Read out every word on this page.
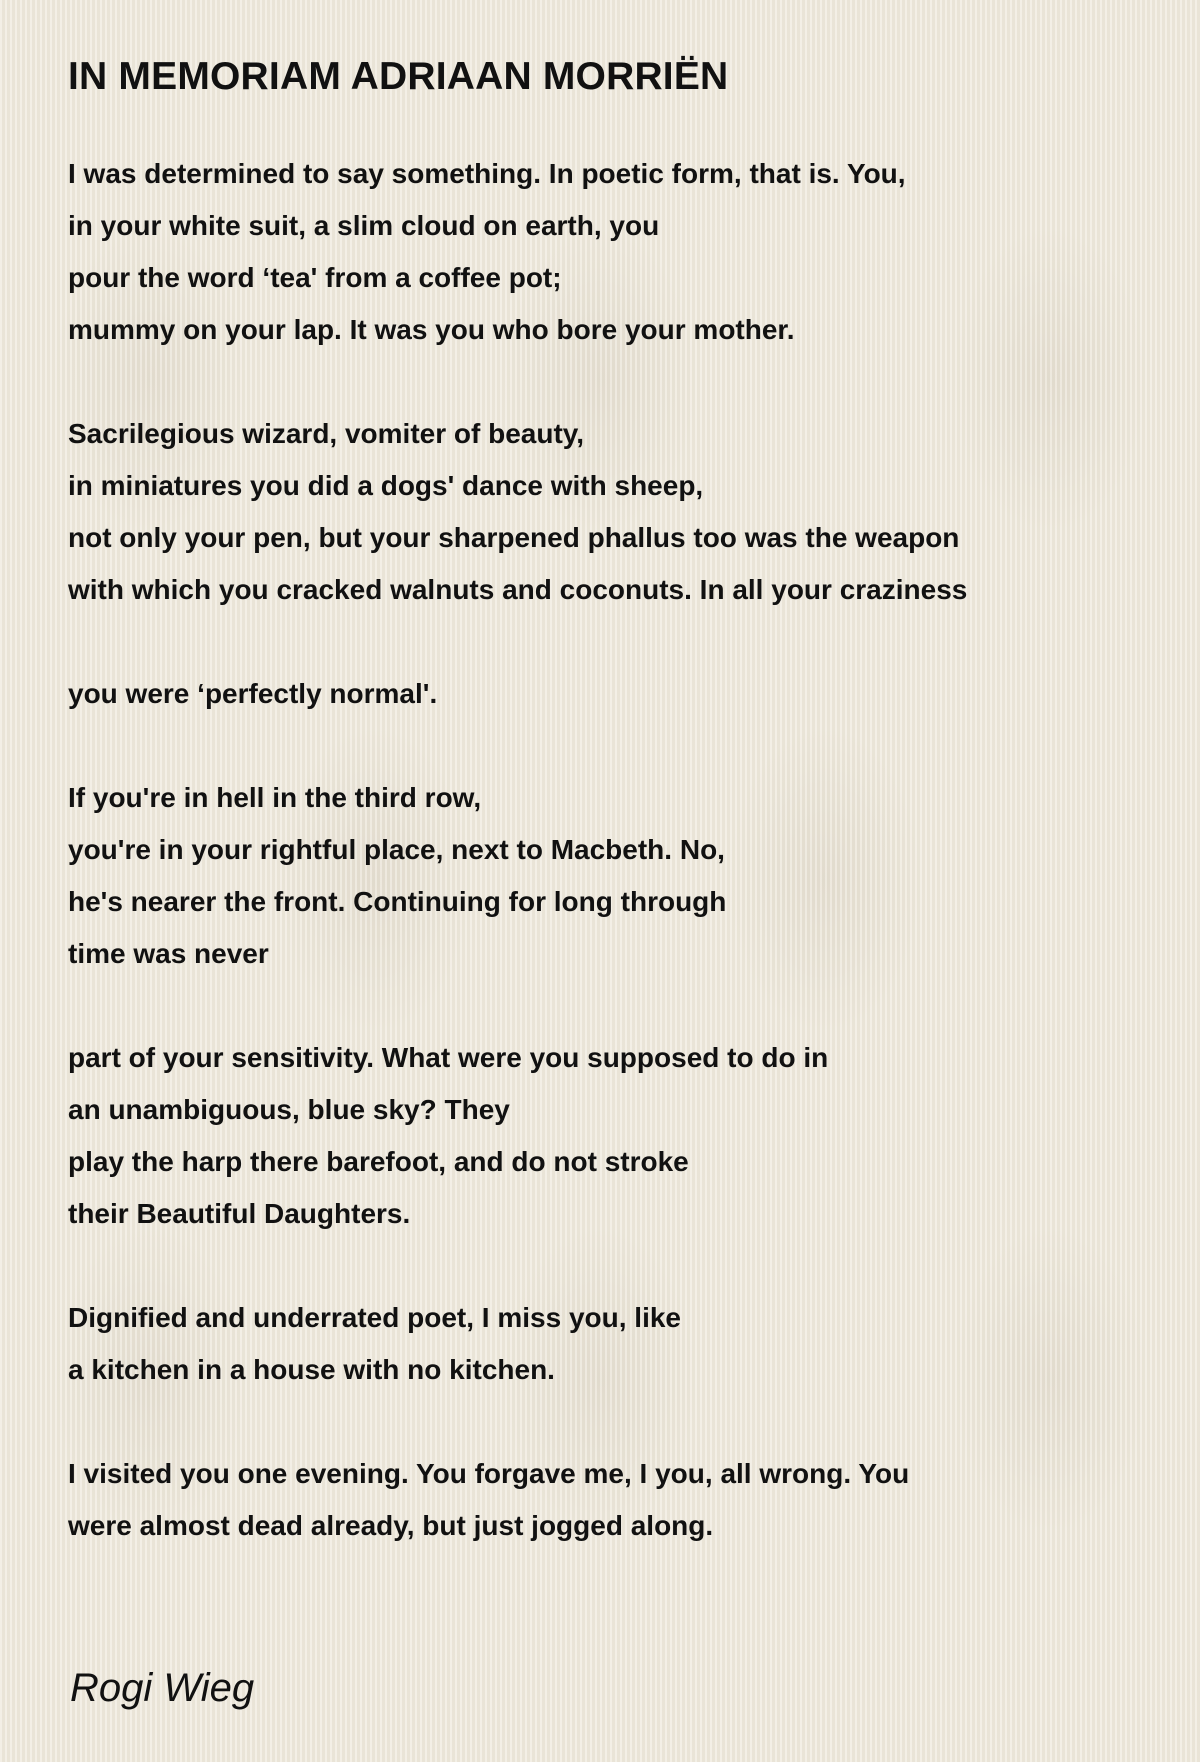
IN MEMORIAM ADRIAAN MORRIËN
I was determined to say something. In poetic form, that is. You,
in your white suit, a slim cloud on earth, you
pour the word ‘tea' from a coffee pot;
mummy on your lap. It was you who bore your mother.
Sacrilegious wizard, vomiter of beauty,
in miniatures you did a dogs' dance with sheep,
not only your pen, but your sharpened phallus too was the weapon
with which you cracked walnuts and coconuts. In all your craziness
you were ‘perfectly normal'.
If you're in hell in the third row,
you're in your rightful place, next to Macbeth. No,
he's nearer the front. Continuing for long through
time was never
part of your sensitivity. What were you supposed to do in
an unambiguous, blue sky? They
play the harp there barefoot, and do not stroke
their Beautiful Daughters.
Dignified and underrated poet, I miss you, like
a kitchen in a house with no kitchen.
I visited you one evening. You forgave me, I you, all wrong. You
were almost dead already, but just jogged along.
Rogi Wieg
